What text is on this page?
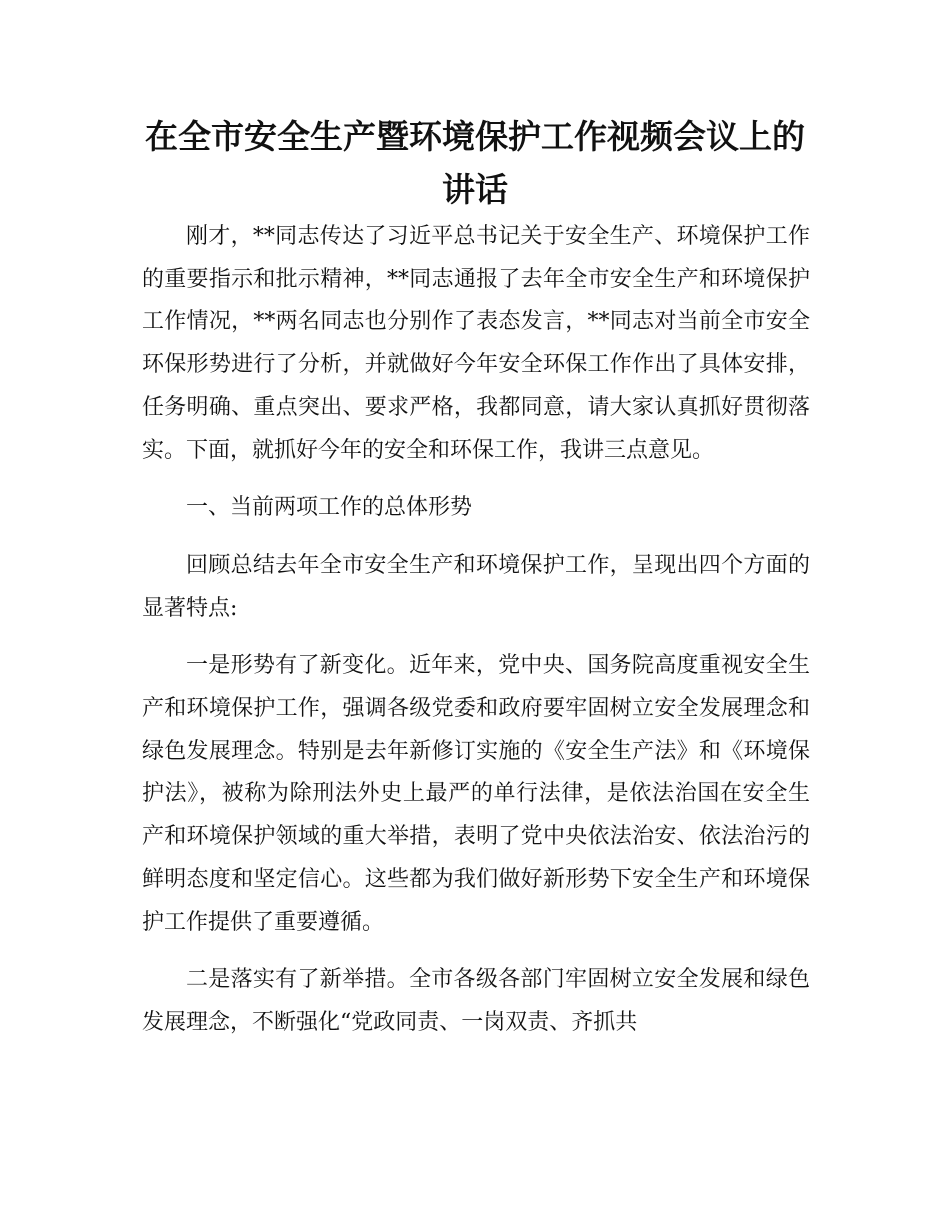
在全市安全生产暨环境保护工作视频会议上的讲话

刚才，**同志传达了习近平总书记关于安全生产、环境保护工作的重要指示和批示精神，**同志通报了去年全市安全生产和环境保护工作情况，**两名同志也分别作了表态发言，**同志对当前全市安全环保形势进行了分析，并就做好今年安全环保工作作出了具体安排，任务明确、重点突出、要求严格，我都同意，请大家认真抓好贯彻落实。下面，就抓好今年的安全和环保工作，我讲三点意见。

一、当前两项工作的总体形势

回顾总结去年全市安全生产和环境保护工作，呈现出四个方面的显著特点:

一是形势有了新变化。近年来，党中央、国务院高度重视安全生产和环境保护工作，强调各级党委和政府要牢固树立安全发展理念和绿色发展理念。特别是去年新修订实施的《安全生产法》和《环境保护法》，被称为除刑法外史上最严的单行法律，是依法治国在安全生产和环境保护领域的重大举措，表明了党中央依法治安、依法治污的鲜明态度和坚定信心。这些都为我们做好新形势下安全生产和环境保护工作提供了重要遵循。

二是落实有了新举措。全市各级各部门牢固树立安全发展和绿色发展理念，不断强化“党政同责、一岗双责、齐抓共
